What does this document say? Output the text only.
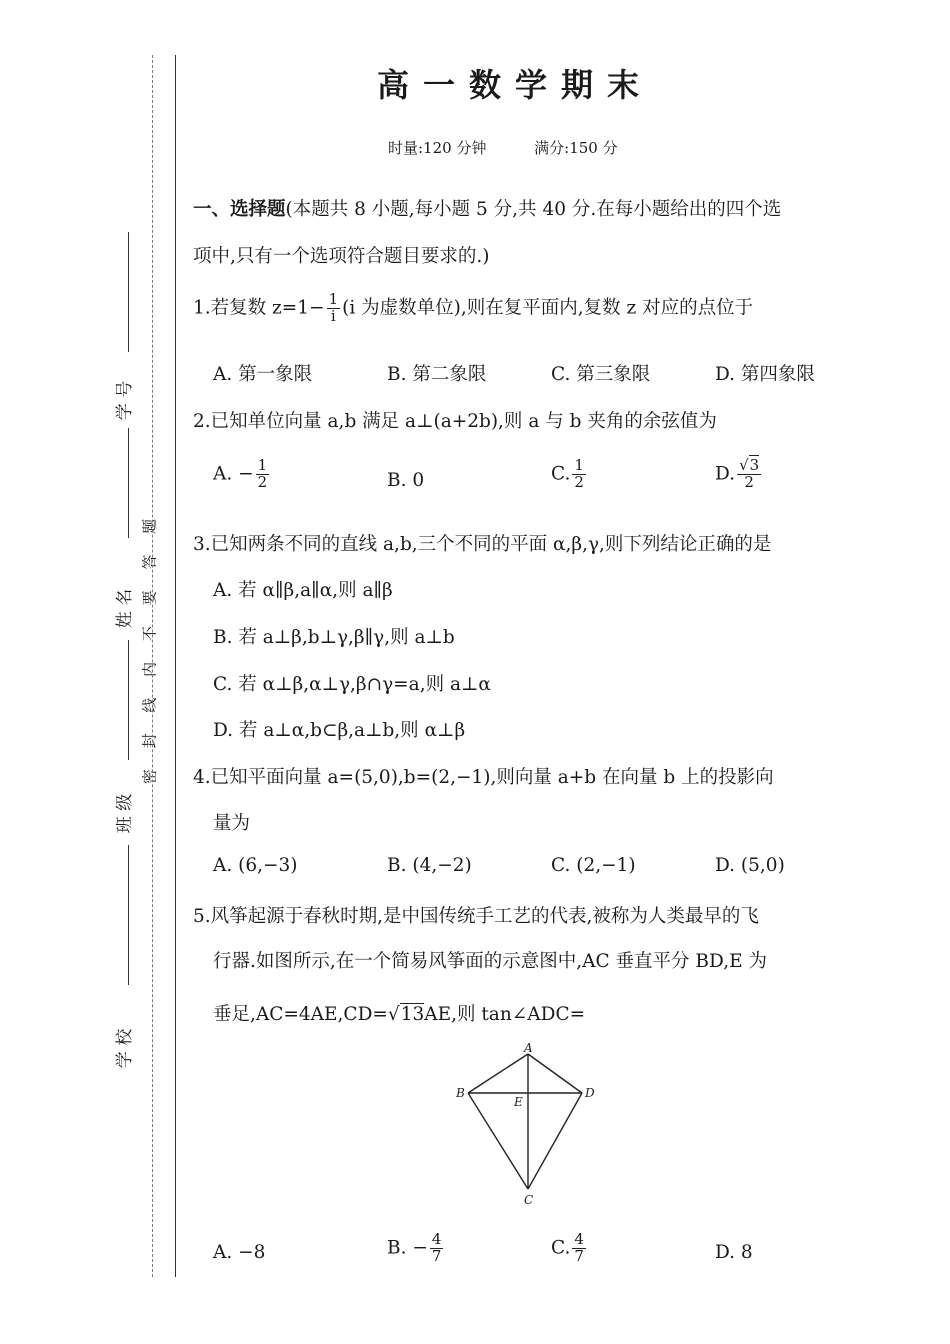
学 号
姓 名
班 级
学 校
密 封 线 内 不 要 答 题
高一数学期末
时量:120 分钟	满分:150 分
一、选择题(本题共 8 小题,每小题 5 分,共 40 分.在每小题给出的四个选
项中,只有一个选项符合题目要求的.)
1.若复数 $z=1- \frac{1}{i} (i$ 为虚数单位),则在复平面内,复数 z 对应的点位于
A. 第一象限	B. 第二象限	C. 第三象限	D. 第四象限
2.已知单位向量 a,b 满足 a⊥(a+2b),则 a 与 b 夹角的余弦值为
A. − $\frac{1}{2}$	B. 0	C. $\frac{1}{2}$	D. $\frac{√3}{2}$
3.已知两条不同的直线 a,b,三个不同的平面 α,β,γ,则下列结论正确的是
A. 若 α∥β,a∥α,则 a∥β
B. 若 a⊥β,b⊥γ,β∥γ,则 a⊥b
C. 若 α⊥β,α⊥γ,β∩γ=a,则 a⊥α
D. 若 a⊥α,b⊂β,a⊥b,则 α⊥β
4.已知平面向量 a=(5,0),b=(2,−1),则向量 a+b 在向量 b 上的投影向
量为
A. (6,−3)	B. (4,−2)	C. (2,−1)	D. (5,0)
5.风筝起源于春秋时期,是中国传统手工艺的代表,被称为人类最早的飞
行器.如图所示,在一个简易风筝面的示意图中,AC 垂直平分 BD,E 为
垂足,AC=4AE,CD=√13AE,则 tan∠ADC=
A
B	D
E
C
A. −8	B. − $\frac{4}{7}$	C. $\frac{4}{7}$	D. 8
